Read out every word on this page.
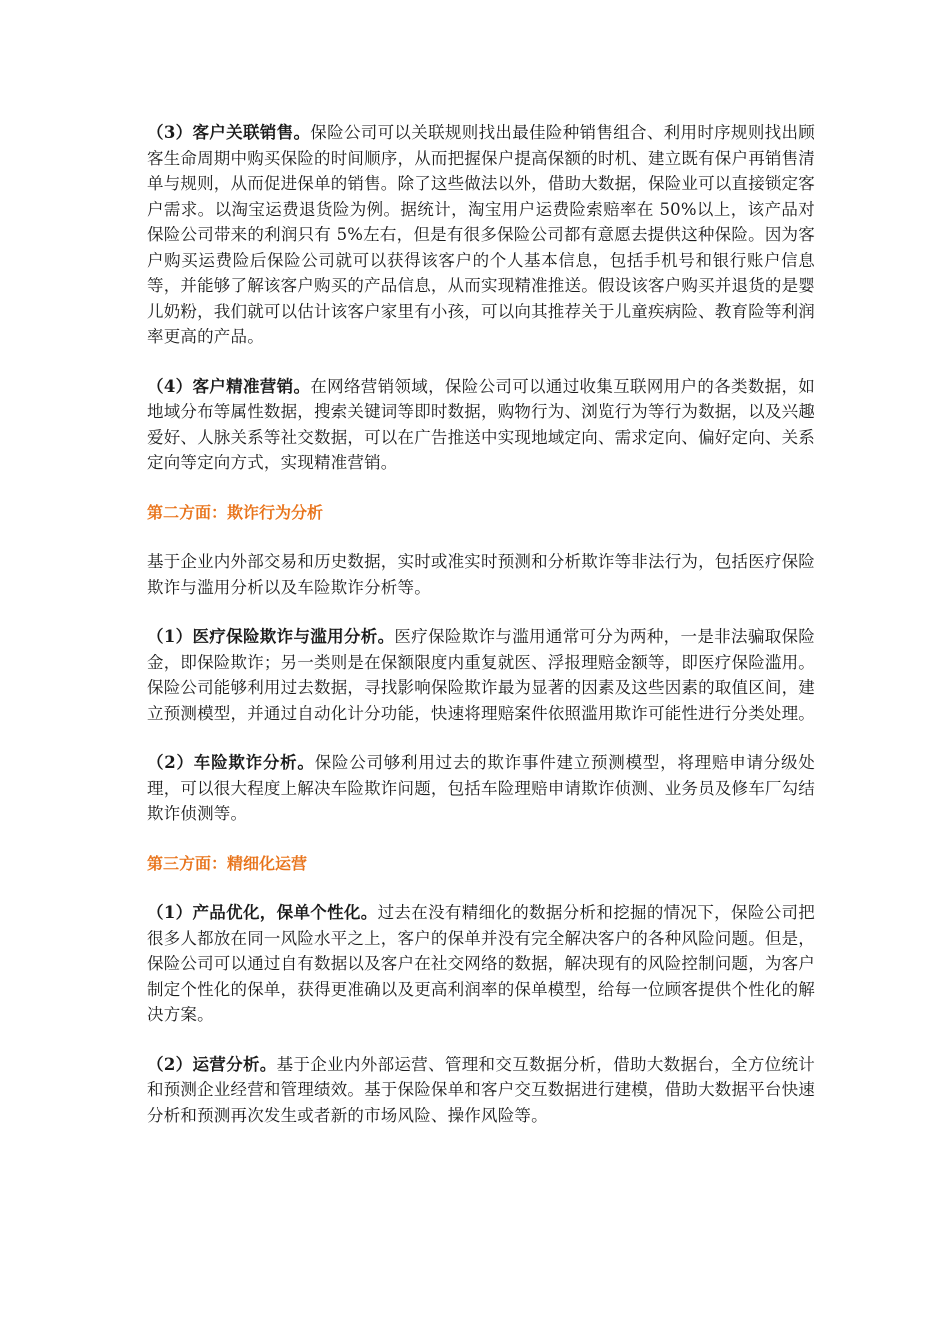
（3）客户关联销售。保险公司可以关联规则找出最佳险种销售组合、利用时序规则找出顾客生命周期中购买保险的时间顺序，从而把握保户提高保额的时机、建立既有保户再销售清单与规则，从而促进保单的销售。除了这些做法以外，借助大数据，保险业可以直接锁定客户需求。以淘宝运费退货险为例。据统计，淘宝用户运费险索赔率在 50%以上，该产品对保险公司带来的利润只有 5%左右，但是有很多保险公司都有意愿去提供这种保险。因为客户购买运费险后保险公司就可以获得该客户的个人基本信息，包括手机号和银行账户信息等，并能够了解该客户购买的产品信息，从而实现精准推送。假设该客户购买并退货的是婴儿奶粉，我们就可以估计该客户家里有小孩，可以向其推荐关于儿童疾病险、教育险等利润率更高的产品。

（4）客户精准营销。在网络营销领域，保险公司可以通过收集互联网用户的各类数据，如地域分布等属性数据，搜索关键词等即时数据，购物行为、浏览行为等行为数据，以及兴趣爱好、人脉关系等社交数据，可以在广告推送中实现地域定向、需求定向、偏好定向、关系定向等定向方式，实现精准营销。

第二方面：欺诈行为分析

基于企业内外部交易和历史数据，实时或准实时预测和分析欺诈等非法行为，包括医疗保险欺诈与滥用分析以及车险欺诈分析等。

（1）医疗保险欺诈与滥用分析。医疗保险欺诈与滥用通常可分为两种，一是非法骗取保险金，即保险欺诈；另一类则是在保额限度内重复就医、浮报理赔金额等，即医疗保险滥用。保险公司能够利用过去数据，寻找影响保险欺诈最为显著的因素及这些因素的取值区间，建立预测模型，并通过自动化计分功能，快速将理赔案件依照滥用欺诈可能性进行分类处理。

（2）车险欺诈分析。保险公司够利用过去的欺诈事件建立预测模型，将理赔申请分级处理，可以很大程度上解决车险欺诈问题，包括车险理赔申请欺诈侦测、业务员及修车厂勾结欺诈侦测等。

第三方面：精细化运营

（1）产品优化，保单个性化。过去在没有精细化的数据分析和挖掘的情况下，保险公司把很多人都放在同一风险水平之上，客户的保单并没有完全解决客户的各种风险问题。但是，保险公司可以通过自有数据以及客户在社交网络的数据，解决现有的风险控制问题，为客户制定个性化的保单，获得更准确以及更高利润率的保单模型，给每一位顾客提供个性化的解决方案。

（2）运营分析。基于企业内外部运营、管理和交互数据分析，借助大数据台，全方位统计和预测企业经营和管理绩效。基于保险保单和客户交互数据进行建模，借助大数据平台快速分析和预测再次发生或者新的市场风险、操作风险等。
